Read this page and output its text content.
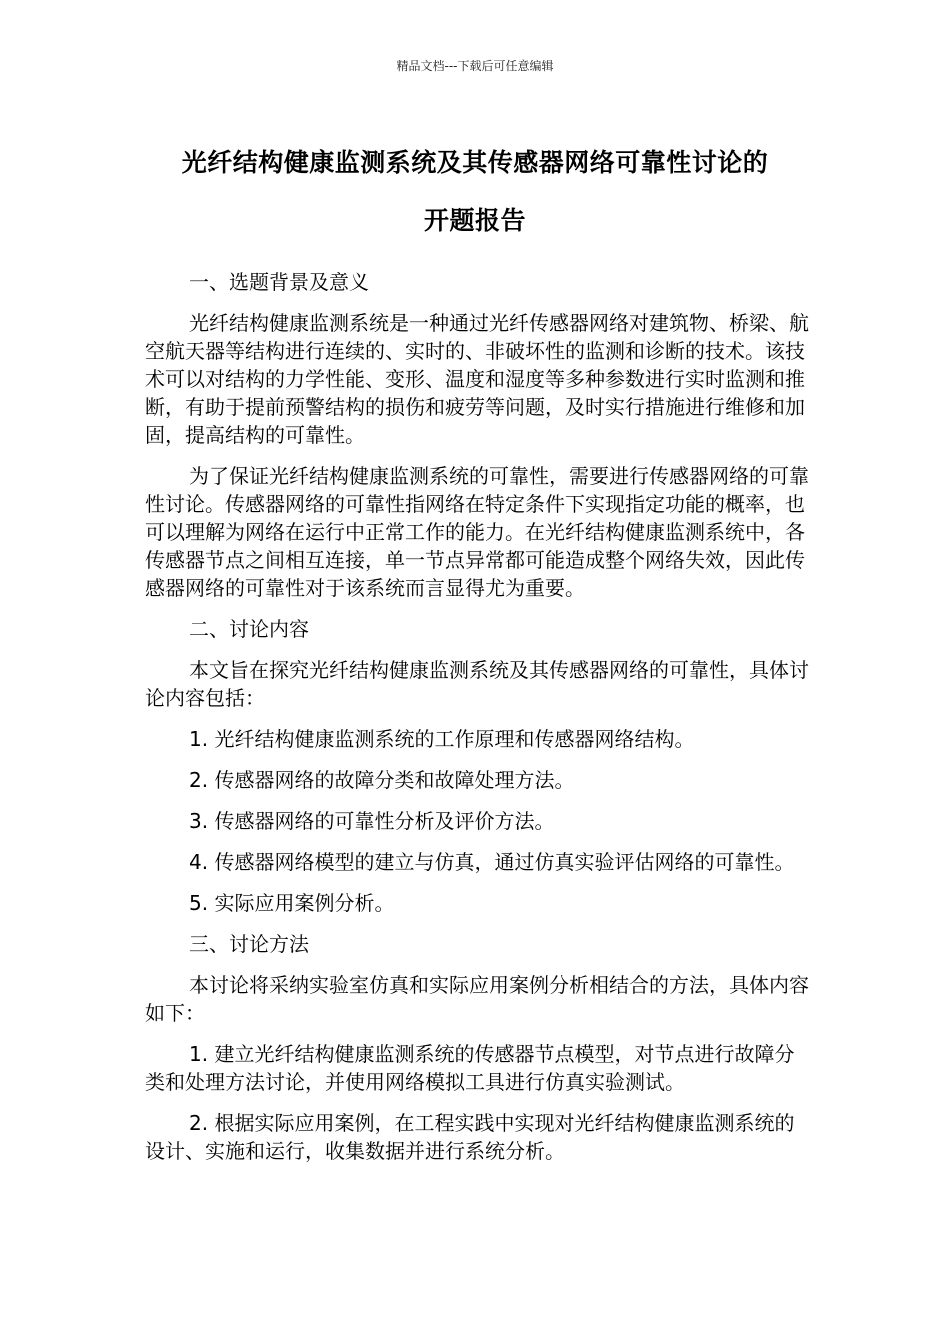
精品文档---下载后可任意编辑
光纤结构健康监测系统及其传感器网络可靠性讨论的
开题报告

一、选题背景及意义

光纤结构健康监测系统是一种通过光纤传感器网络对建筑物、桥梁、航空航天器等结构进行连续的、实时的、非破坏性的监测和诊断的技术。该技术可以对结构的力学性能、变形、温度和湿度等多种参数进行实时监测和推断，有助于提前预警结构的损伤和疲劳等问题，及时实行措施进行维修和加固，提高结构的可靠性。

为了保证光纤结构健康监测系统的可靠性，需要进行传感器网络的可靠性讨论。传感器网络的可靠性指网络在特定条件下实现指定功能的概率，也可以理解为网络在运行中正常工作的能力。在光纤结构健康监测系统中，各传感器节点之间相互连接，单一节点异常都可能造成整个网络失效，因此传感器网络的可靠性对于该系统而言显得尤为重要。

二、讨论内容

本文旨在探究光纤结构健康监测系统及其传感器网络的可靠性，具体讨论内容包括：

1. 光纤结构健康监测系统的工作原理和传感器网络结构。

2. 传感器网络的故障分类和故障处理方法。

3. 传感器网络的可靠性分析及评价方法。

4. 传感器网络模型的建立与仿真，通过仿真实验评估网络的可靠性。

5. 实际应用案例分析。

三、讨论方法

本讨论将采纳实验室仿真和实际应用案例分析相结合的方法，具体内容如下：

1. 建立光纤结构健康监测系统的传感器节点模型，对节点进行故障分类和处理方法讨论，并使用网络模拟工具进行仿真实验测试。

2. 根据实际应用案例，在工程实践中实现对光纤结构健康监测系统的设计、实施和运行，收集数据并进行系统分析。
